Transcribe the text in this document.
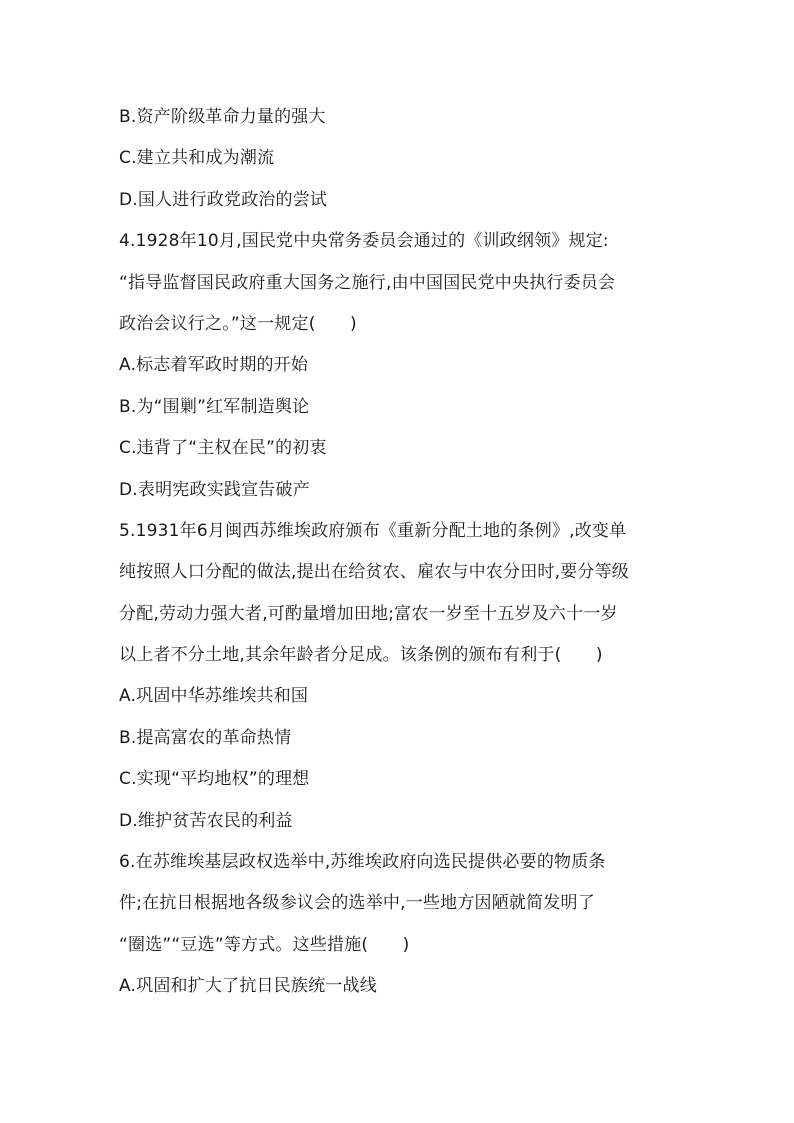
B.资产阶级革命力量的强大
C.建立共和成为潮流
D.国人进行政党政治的尝试
4.1928年10月,国民党中央常务委员会通过的《训政纲领》规定:
“指导监督国民政府重大国务之施行,由中国国民党中央执行委员会
政治会议行之。”这一规定(　　)
A.标志着军政时期的开始
B.为“围剿”红军制造舆论
C.违背了“主权在民”的初衷
D.表明宪政实践宣告破产
5.1931年6月闽西苏维埃政府颁布《重新分配土地的条例》,改变单
纯按照人口分配的做法,提出在给贫农、雇农与中农分田时,要分等级
分配,劳动力强大者,可酌量增加田地;富农一岁至十五岁及六十一岁
以上者不分土地,其余年龄者分足成。该条例的颁布有利于(　　)
A.巩固中华苏维埃共和国
B.提高富农的革命热情
C.实现“平均地权”的理想
D.维护贫苦农民的利益
6.在苏维埃基层政权选举中,苏维埃政府向选民提供必要的物质条
件;在抗日根据地各级参议会的选举中,一些地方因陋就简发明了
“圈选”“豆选”等方式。这些措施(　　)
A.巩固和扩大了抗日民族统一战线
